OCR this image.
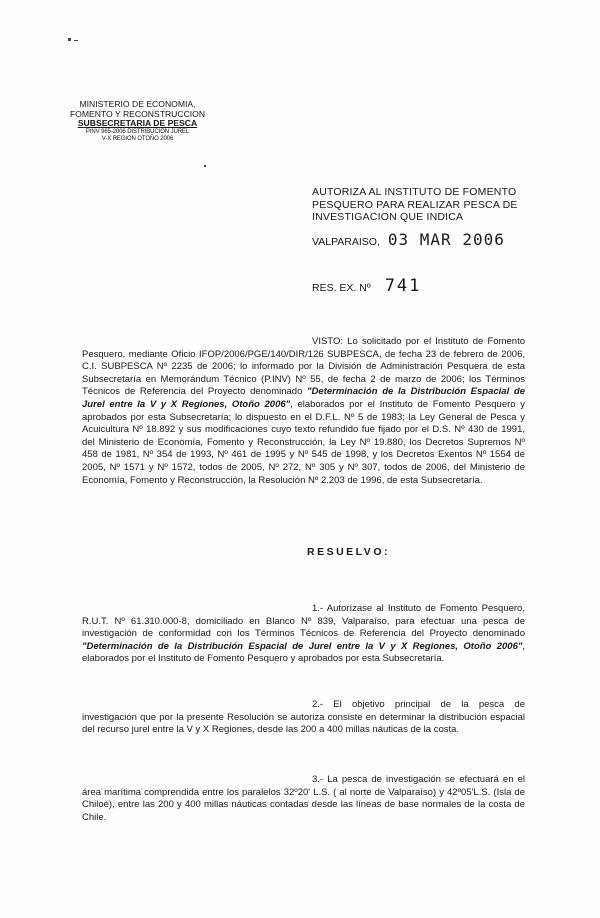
MINISTERIO DE ECONOMIA,
FOMENTO Y RECONSTRUCCION
SUBSECRETARIA DE PESCA
PINV 965-2006 DISTRIBUCION JUREL
V-X REGION OTOÑO 2006
AUTORIZA AL INSTITUTO DE FOMENTO PESQUERO PARA REALIZAR PESCA DE INVESTIGACION QUE INDICA
VALPARAISO, 03 MAR 2006
RES. EX. Nº 741
VISTO: Lo solicitado por el Instituto de Fomento Pesquero, mediante Oficio IFOP/2006/PGE/140/DIR/126 SUBPESCA, de fecha 23 de febrero de 2006, C.I. SUBPESCA Nº 2235 de 2006; lo informado por la División de Administración Pesquera de esta Subsecretaría en Memorándum Técnico (P.INV) Nº 55, de fecha 2 de marzo de 2006; los Términos Técnicos de Referencia del Proyecto denominado "Determinación de la Distribución Espacial de Jurel entre la V y X Regiones, Otoño 2006", elaborados por el Instituto de Fomento Pesquero y aprobados por esta Subsecretaría; lo dispuesto en el D.F.L. Nº 5 de 1983; la Ley General de Pesca y Acuicultura Nº 18.892 y sus modificaciones cuyo texto refundido fue fijado por el D.S. Nº 430 de 1991, del Ministerio de Economía, Fomento y Reconstrucción, la Ley Nº 19.880, los Decretos Supremos Nº 458 de 1981, Nº 354 de 1993, Nº 461 de 1995 y Nº 545 de 1998, y los Decretos Exentos Nº 1554 de 2005, Nº 1571 y Nº 1572, todos de 2005, Nº 272, Nº 305 y Nº 307, todos de 2006, del Ministerio de Economía, Fomento y Reconstrucción, la Resolución Nº 2.203 de 1996, de esta Subsecretaría.
RESUELVO:
1.- Autorízase al Instituto de Fomento Pesquero, R.U.T. Nº 61.310.000-8, domiciliado en Blanco Nº 839, Valparaíso, para efectuar una pesca de investigación de conformidad con los Términos Técnicos de Referencia del Proyecto denominado "Determinación de la Distribución Espacial de Jurel entre la V y X Regiones, Otoño 2006", elaborados por el Instituto de Fomento Pesquero y aprobados por esta Subsecretaría.
2.- El objetivo principal de la pesca de investigación que por la presente Resolución se autoriza consiste en determinar la distribución espacial del recurso jurel entre la V y X Regiones, desde las 200 a 400 millas náuticas de la costa.
3.- La pesca de investigación se efectuará en el área marítima comprendida entre los paralelos 32º20' L.S. ( al norte de Valparaíso) y 42º05'L.S. (Isla de Chiloé), entre las 200 y 400 millas náuticas contadas desde las líneas de base normales de la costa de Chile.
